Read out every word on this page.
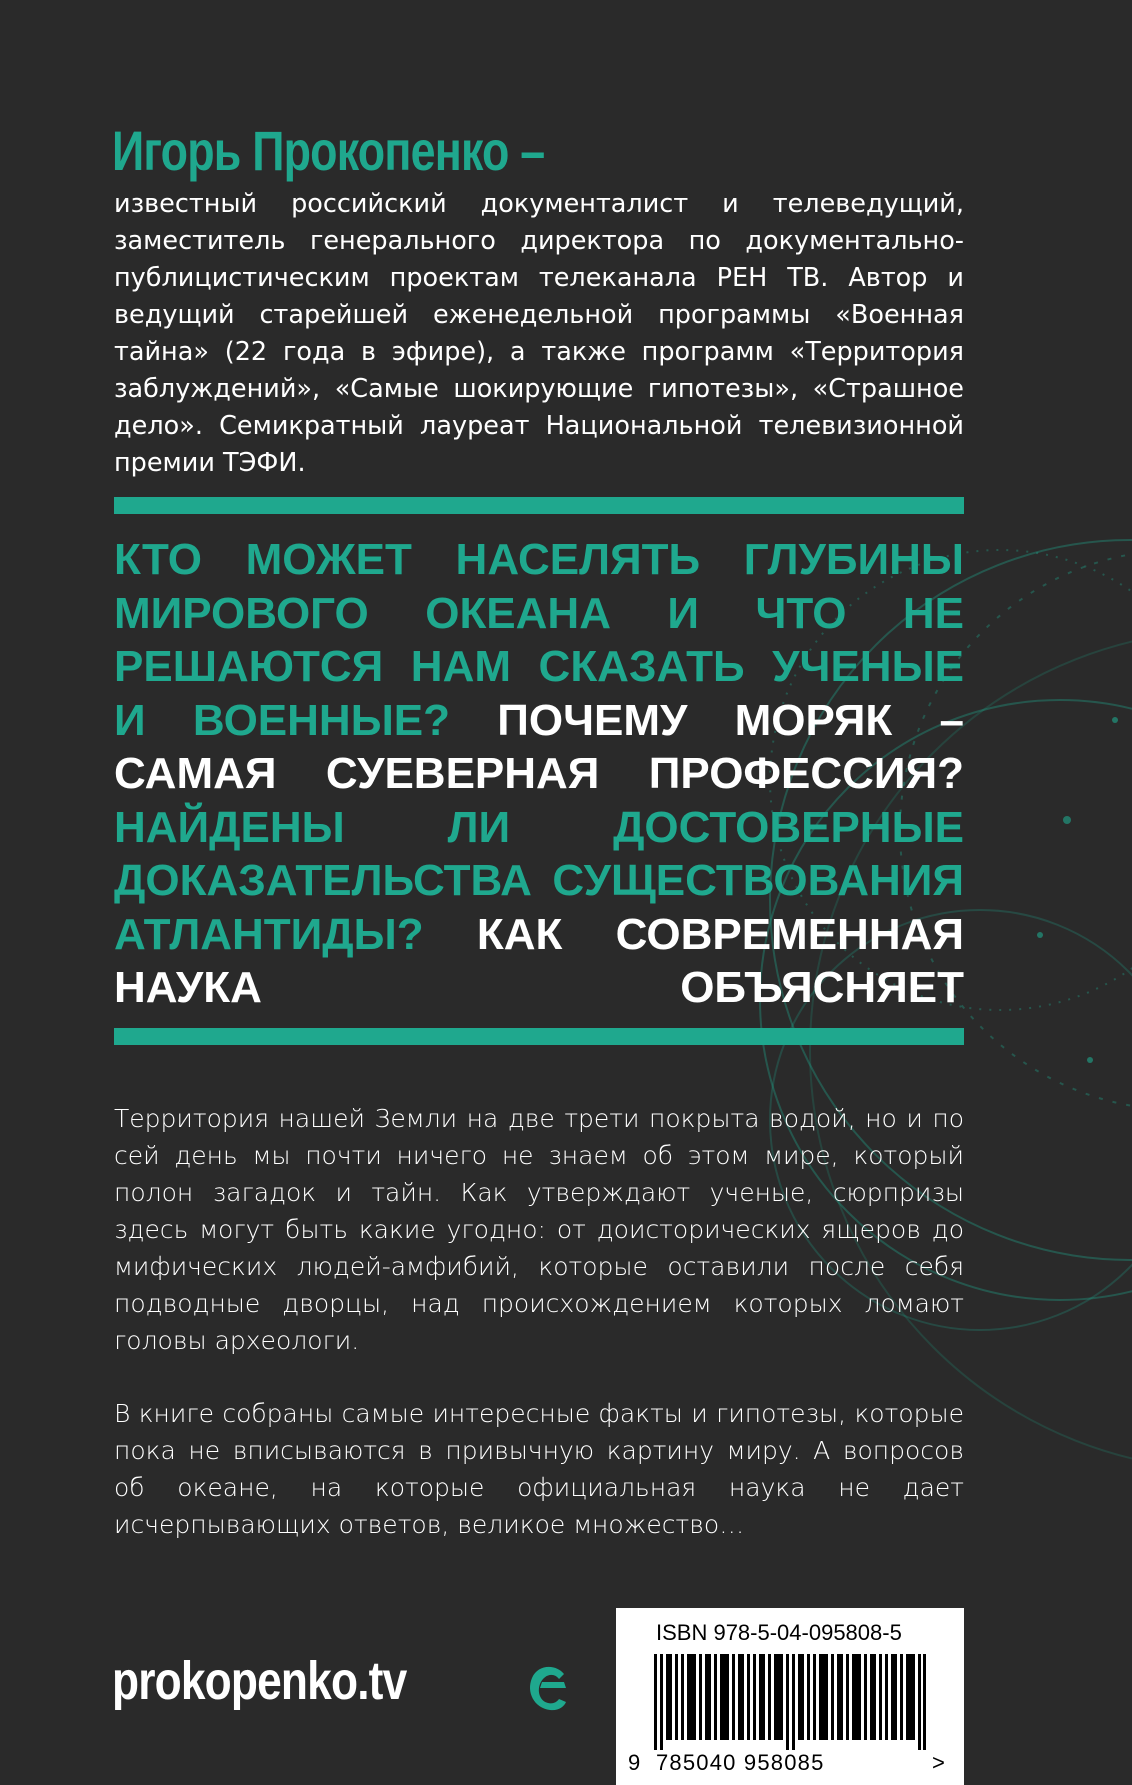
Игорь Прокопенко –

известный российский документалист и телеведущий, заместитель генерального директора по документально-публицистическим проектам телеканала РЕН ТВ. Автор и ведущий старейшей еженедельной программы «Военная тайна» (22 года в эфире), а также программ «Территория заблуждений», «Самые шокирующие гипотезы», «Страшное дело». Семикратный лауреат Национальной телевизионной премии ТЭФИ.

КТО МОЖЕТ НАСЕЛЯТЬ ГЛУБИНЫ МИРОВОГО ОКЕАНА И ЧТО НЕ РЕШАЮТСЯ НАМ СКАЗАТЬ УЧЕНЫЕ И ВОЕННЫЕ? ПОЧЕМУ МОРЯК – САМАЯ СУЕВЕРНАЯ ПРОФЕССИЯ? НАЙДЕНЫ ЛИ ДОСТОВЕРНЫЕ ДОКАЗАТЕЛЬСТВА СУЩЕСТВОВАНИЯ АТЛАНТИДЫ? КАК СОВРЕМЕННАЯ НАУКА ОБЪЯСНЯЕТ

Территория нашей Земли на две трети покрыта водой, но и по сей день мы почти ничего не знаем об этом мире, который полон загадок и тайн. Как утверждают ученые, сюрпризы здесь могут быть какие угодно: от доисторических ящеров до мифических людей-амфибий, которые оставили после себя подводные дворцы, над происхождением которых ломают головы археологи.

В книге собраны самые интересные факты и гипотезы, которые пока не вписываются в привычную картину миру. А вопросов об океане, на которые официальная наука не дает исчерпывающих ответов, великое множество…

prokopenko.tv
ISBN 978-5-04-095808-5
9 785040 958085	>
